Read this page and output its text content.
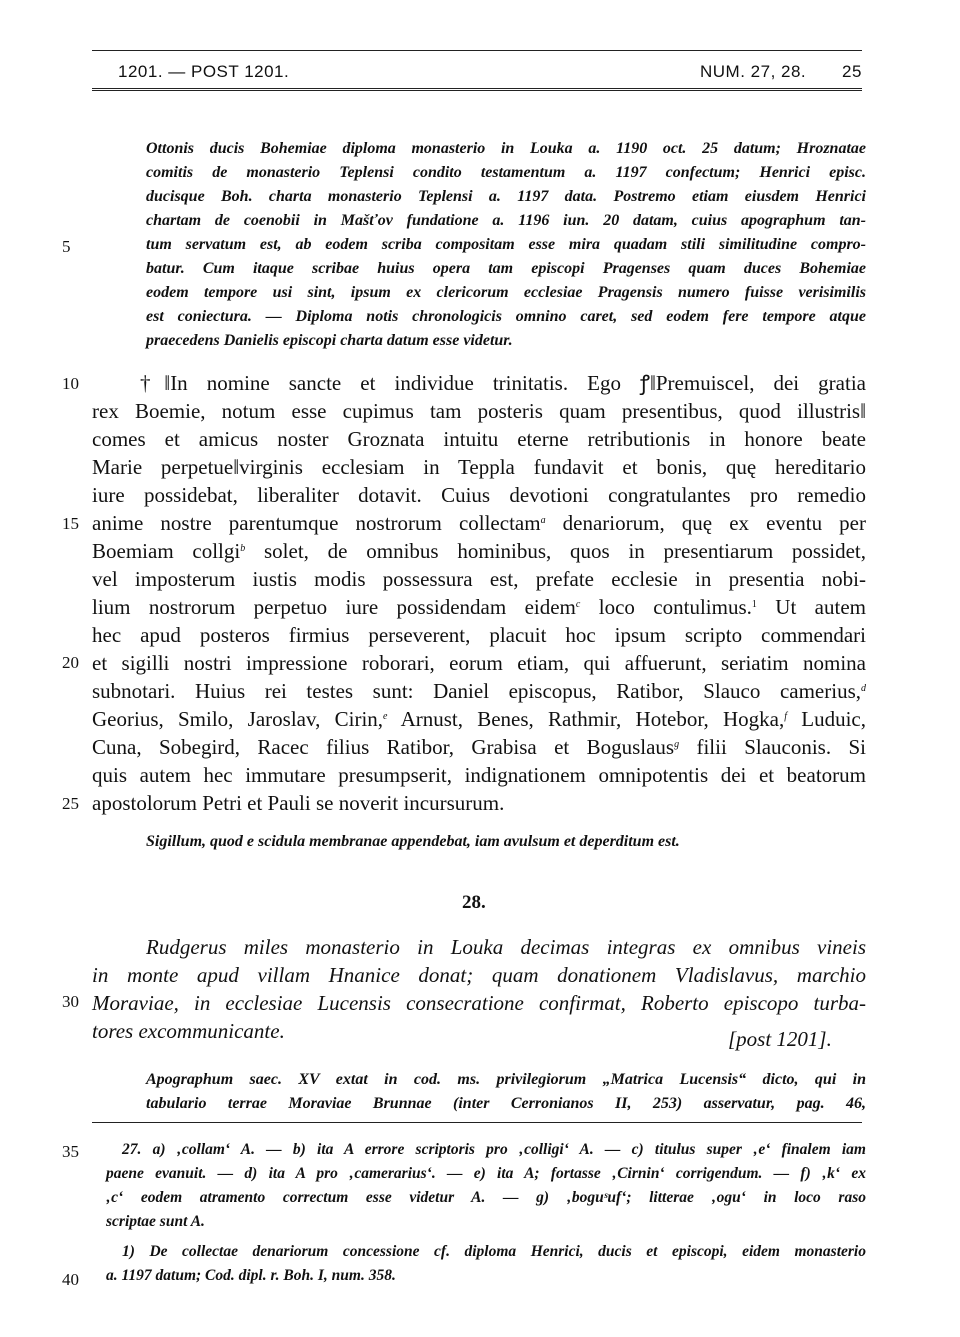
1201. — POST 1201.	NUM. 27, 28. 25
Ottonis ducis Bohemiae diploma monasterio in Louka a. 1190 oct. 25 datum; Hroznatae
comitis de monasterio Teplensi condito testamentum a. 1197 confectum; Henrici episc.
ducisque Boh. charta monasterio Teplensi a. 1197 data. Postremo etiam eiusdem Henrici
chartam de coenobii in Mašťov fundatione a. 1196 iun. 20 datam, cuius apographum tan-
tum servatum est, ab eodem scriba compositam esse mira quadam stili similitudine compro-
batur. Cum itaque scribae huius opera tam episcopi Pragenses quam duces Bohemiae
eodem tempore usi sint, ipsum ex clericorum ecclesiae Pragensis numero fuisse verisimilis
est coniectura. — Diploma notis chronologicis omnino caret, sed eodem fere tempore atque
praecedens Danielis episcopi charta datum esse videtur.
5
10
15
20
25
30
35
40
†‖In nomine sancte et individue trinitatis. Ego ꝭ‖Premuiscel, dei gratia
rex Boemie, notum esse cupimus tam posteris quam presentibus, quod illustris‖
comes et amicus noster Groznata intuitu eterne retributionis in honore beate
Marie perpetue‖virginis ecclesiam in Teppla fundavit et bonis, quę hereditario
iure possidebat, liberaliter dotavit. Cuius devotioni congratulantes pro remedio
anime nostre parentumque nostrorum collectam$^a$ denariorum, quę ex eventu per
Boemiam collgi$^b$ solet, de omnibus hominibus, quos in presentiarum possidet,
vel imposterum iustis modis possessura est, prefate ecclesie in presentia nobi-
lium nostrorum perpetuo iure possidendam eidem$^c$ loco contulimus.$^1$ Ut autem
hec apud posteros firmius perseverent, placuit hoc ipsum scripto commendari
et sigilli nostri impressione roborari, eorum etiam, qui affuerunt, seriatim nomina
subnotari. Huius rei testes sunt: Daniel episcopus, Ratibor, Slauco camerius,$^d$
Georius, Smilo, Jaroslav, Cirin,$^e$ Arnust, Benes, Rathmir, Hotebor, Hogka,$^f$ Luduic,
Cuna, Sobegird, Racec filius Ratibor, Grabisa et Boguslaus$^g$ filii Slauconis. Si
quis autem hec immutare presumpserit, indignationem omnipotentis dei et beatorum
apostolorum Petri et Pauli se noverit incursurum.
Sigillum, quod e scidula membranae appendebat, iam avulsum et deperditum est.
28.
Rudgerus miles monasterio in Louka decimas integras ex omnibus vineis
in monte apud villam Hnanice donat; quam donationem Vladislavus, marchio
Moraviae, in ecclesiae Lucensis consecratione confirmat, Roberto episcopo turba-
tores excommunicante.	[post 1201].
Apographum saec. XV extat in cod. ms. privilegiorum „Matrica Lucensis“ dicto, qui in
tabulario terrae Moraviae Brunnae (inter Cerronianos II, 253) asservatur, pag. 46,
27. a) ‚collam‘ A. — b) ita A errore scriptoris pro ‚colligi‘ A. — c) titulus super ‚e‘ finalem iam
paene evanuit. — d) ita A pro ‚camerarius‘. — e) ita A; fortasse ‚Cirnin‘ corrigendum. — f) ‚k‘ ex
‚c‘ eodem atramento correctum esse videtur A. — g) ‚boguˢuf‘; litterae ‚ogu‘ in loco raso
scriptae sunt A.
1) De collectae denariorum concessione cf. diploma Henrici, ducis et episcopi, eidem monasterio
a. 1197 datum; Cod. dipl. r. Boh. I, num. 358.
